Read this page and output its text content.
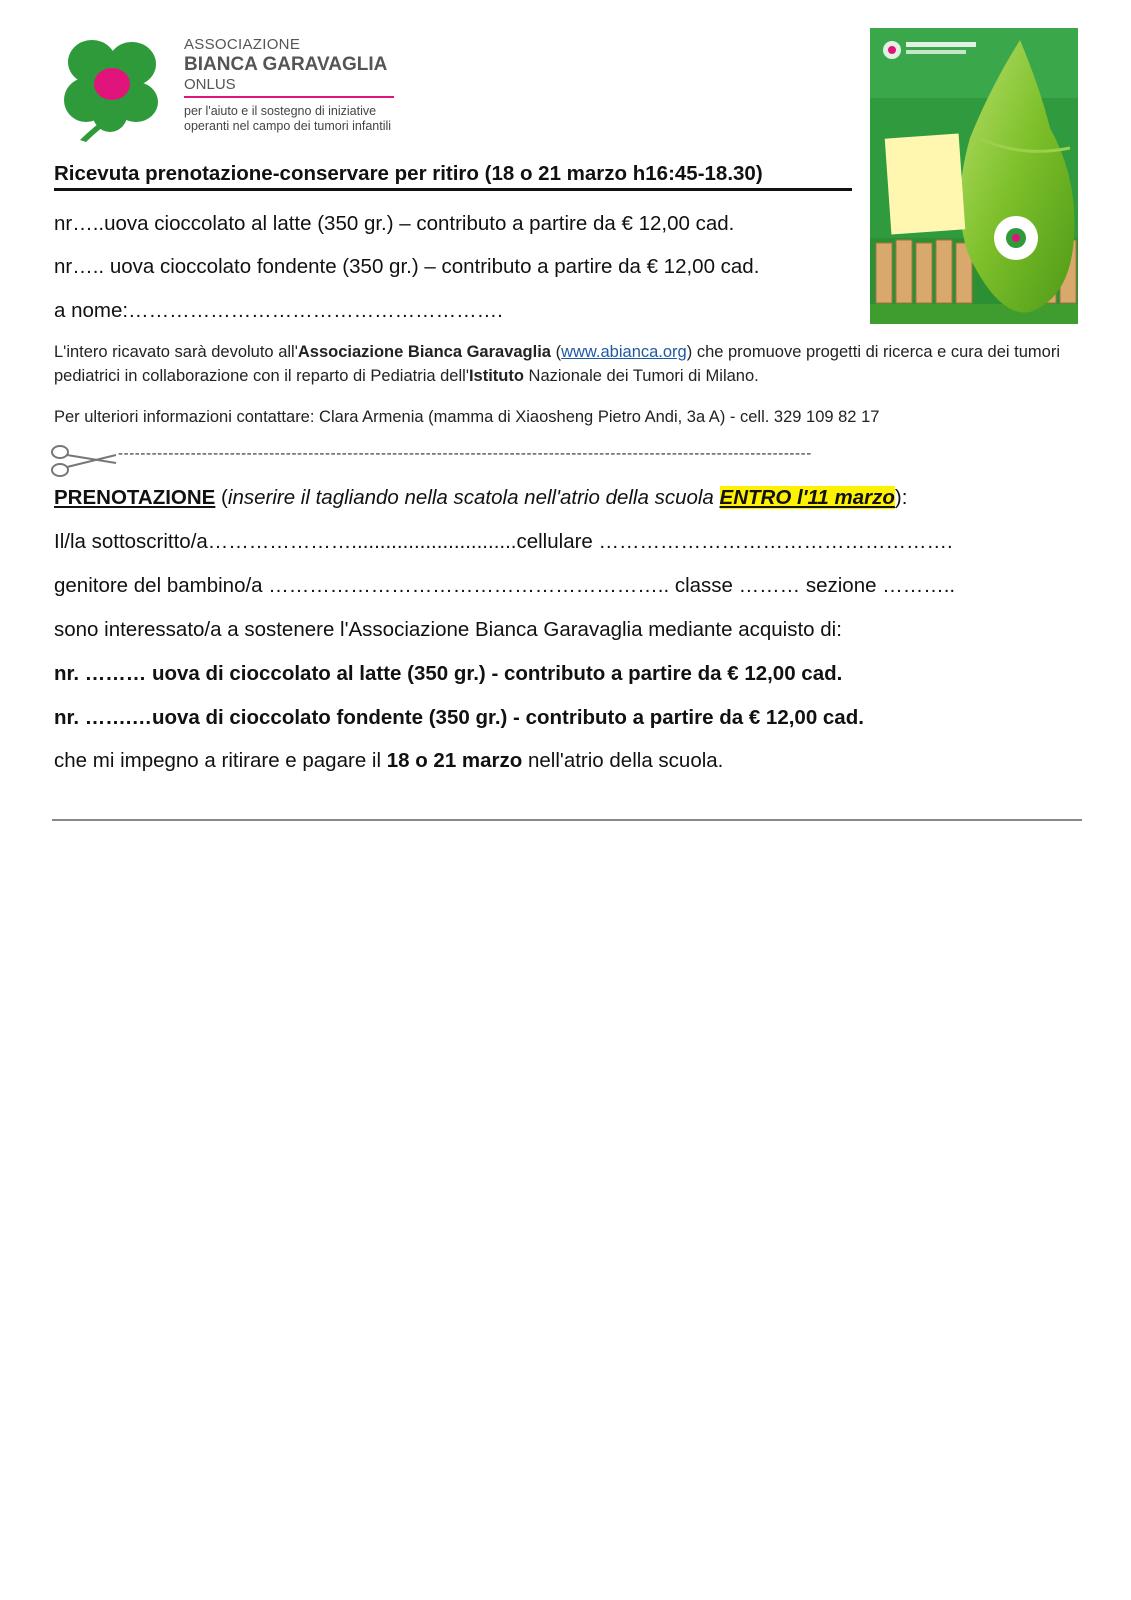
ASSOCIAZIONE
BIANCA GARAVAGLIA
ONLUS
per l'aiuto e il sostegno di iniziative
operanti nel campo dei tumori infantili
Ricevuta prenotazione-conservare per ritiro (18 o 21 marzo h16:45-18.30)
nr…..uova cioccolato al latte (350 gr.) – contributo a partire da € 12,00 cad.
nr….. uova cioccolato fondente (350 gr.) – contributo a partire da € 12,00 cad.
a nome:……………………………………………….
L'intero ricavato sarà devoluto all'Associazione Bianca Garavaglia (www.abianca.org) che promuove progetti di ricerca e cura dei tumori pediatrici in collaborazione con il reparto di Pediatria dell'Istituto Nazionale dei Tumori di Milano.
Per ulteriori informazioni contattare: Clara Armenia (mamma di Xiaosheng Pietro Andi, 3a A) - cell. 329 109 82 17
----------------------------------------------------------------------------------------------------------------------------
PRENOTAZIONE (inserire il tagliando nella scatola nell'atrio della scuola ENTRO l'11 marzo):
Il/la sottoscritto/a………………….............................cellulare …………………………………………….
genitore del bambino/a ………………………………………………….. classe ……… sezione ………..
sono interessato/a a sostenere l'Associazione Bianca Garavaglia mediante acquisto di:
nr. ……… uova di cioccolato al latte (350 gr.) - contributo a partire da € 12,00 cad.
nr. …….…uova di cioccolato fondente (350 gr.) - contributo a partire da € 12,00 cad.
che mi impegno a ritirare e pagare il 18 o 21 marzo nell'atrio della scuola.
